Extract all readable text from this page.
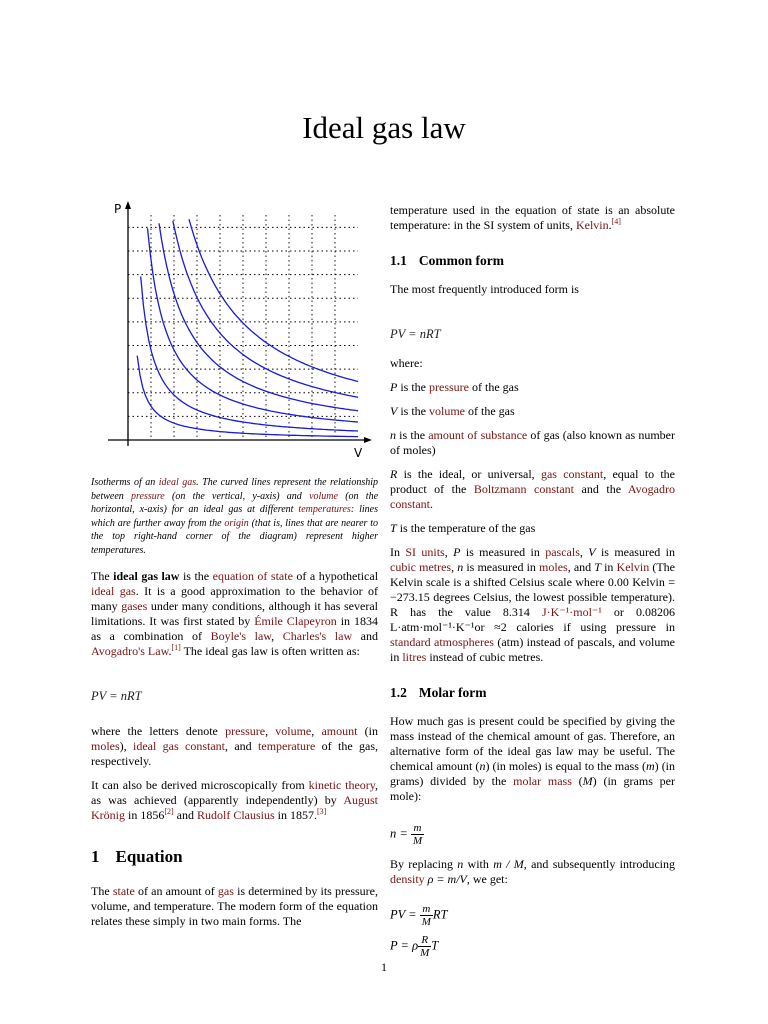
Ideal gas law
P
V
Isotherms of an ideal gas. The curved lines represent the relationship between pressure (on the vertical, y-axis) and volume (on the horizontal, x-axis) for an ideal gas at different temperatures: lines which are further away from the origin (that is, lines that are nearer to the top right-hand corner of the diagram) represent higher temperatures.

The ideal gas law is the equation of state of a hypothetical ideal gas. It is a good approximation to the behavior of many gases under many conditions, although it has several limitations. It was first stated by Émile Clapeyron in 1834 as a combination of Boyle's law, Charles's law and Avogadro's Law.[1] The ideal gas law is often written as:

PV = nRT

where the letters denote pressure, volume, amount (in moles), ideal gas constant, and temperature of the gas, respectively.

It can also be derived microscopically from kinetic theory, as was achieved (apparently independently) by August Krönig in 1856[2] and Rudolf Clausius in 1857.[3]

1 Equation

The state of an amount of gas is determined by its pressure, volume, and temperature. The modern form of the equation relates these simply in two main forms. The

temperature used in the equation of state is an absolute temperature: in the SI system of units, Kelvin.[4]

1.1 Common form

The most frequently introduced form is

PV = nRT

where:

P is the pressure of the gas

V is the volume of the gas

n is the amount of substance of gas (also known as number of moles)

R is the ideal, or universal, gas constant, equal to the product of the Boltzmann constant and the Avogadro constant.

T is the temperature of the gas

In SI units, P is measured in pascals, V is measured in cubic metres, n is measured in moles, and T in Kelvin (The Kelvin scale is a shifted Celsius scale where 0.00 Kelvin = −273.15 degrees Celsius, the lowest possible temperature). R has the value 8.314 J·K⁻¹·mol⁻¹ or 0.08206 L·atm·mol⁻¹·K⁻¹or ≈2 calories if using pressure in standard atmospheres (atm) instead of pascals, and volume in litres instead of cubic metres.

1.2 Molar form

How much gas is present could be specified by giving the mass instead of the chemical amount of gas. Therefore, an alternative form of the ideal gas law may be useful. The chemical amount (n) (in moles) is equal to the mass (m) (in grams) divided by the molar mass (M) (in grams per mole):

$n = \frac{m}{M}$

By replacing n with m / M, and subsequently introducing density ρ = m/V, we get:

PV = $\frac{m}{M}$ RT
P = ρ $\frac{R}{M}$ T
1
